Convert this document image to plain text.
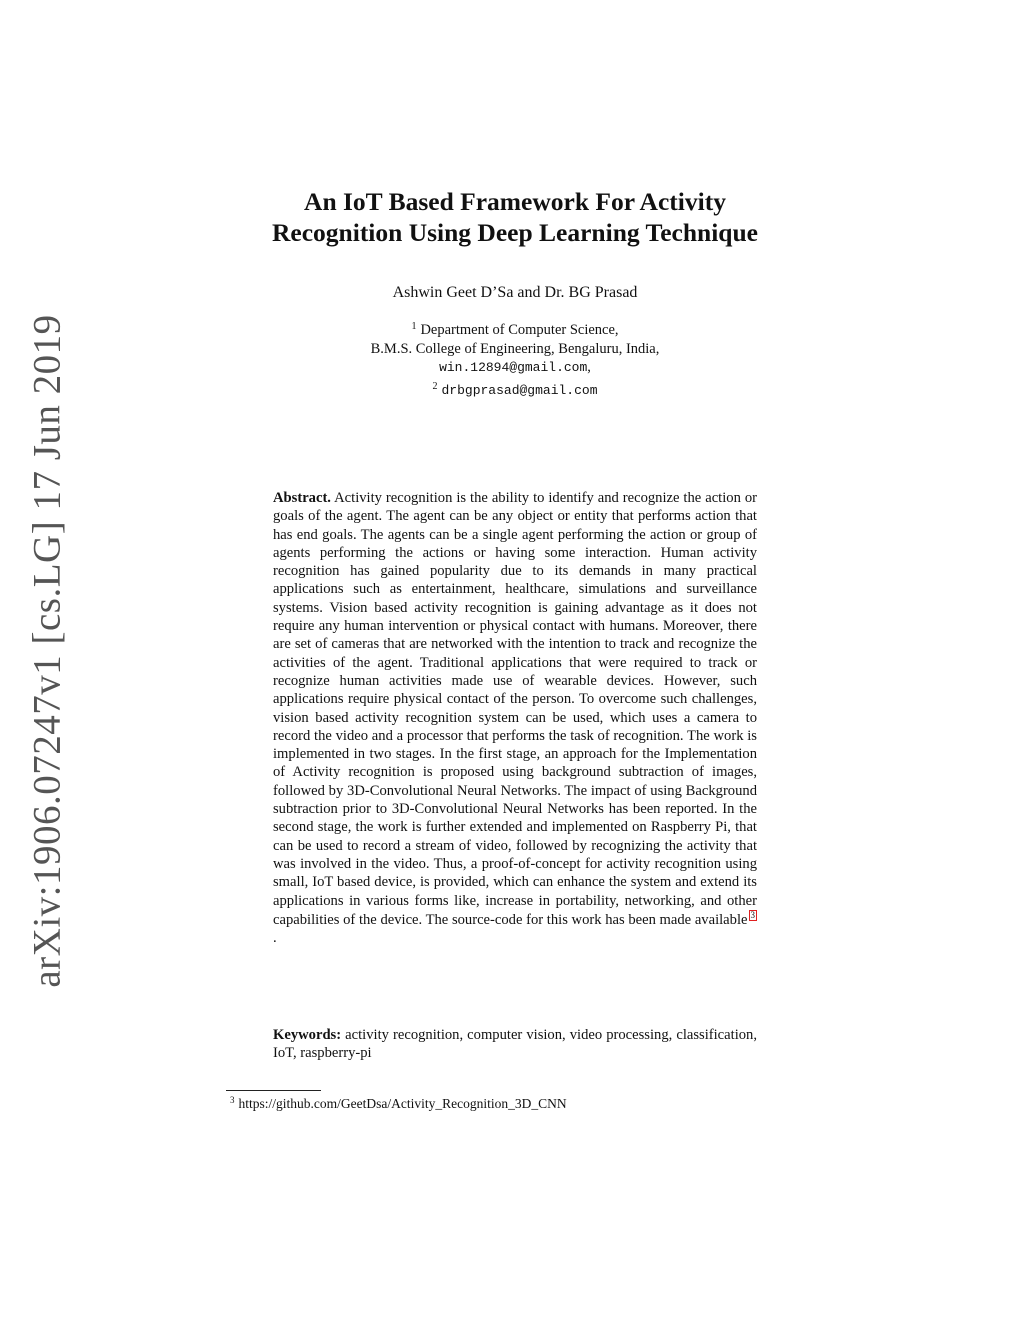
arXiv:1906.07247v1 [cs.LG] 17 Jun 2019
An IoT Based Framework For Activity
Recognition Using Deep Learning Technique
Ashwin Geet D’Sa and Dr. BG Prasad
$^1$ Department of Computer Science,
B.M.S. College of Engineering, Bengaluru, India,
win.12894@gmail.com,
$^2$ drbgprasad@gmail.com
Abstract. Activity recognition is the ability to identify and recognize the action or goals of the agent. The agent can be any object or entity that performs action that has end goals. The agents can be a single agent performing the action or group of agents performing the actions or having some interaction. Human activity recognition has gained popularity due to its demands in many practical applications such as entertainment, healthcare, simulations and surveillance systems. Vision based activity recognition is gaining advantage as it does not require any human intervention or physical contact with humans. Moreover, there are set of cameras that are networked with the intention to track and recognize the activities of the agent. Traditional applications that were required to track or recognize human activities made use of wearable devices. However, such applications require physical contact of the person. To overcome such challenges, vision based activity recognition system can be used, which uses a camera to record the video and a processor that performs the task of recognition. The work is implemented in two stages. In the first stage, an approach for the Implementation of Activity recognition is proposed using background subtraction of images, followed by 3D-Convolutional Neural Networks. The impact of using Background subtraction prior to 3D-Convolutional Neural Networks has been reported. In the second stage, the work is further extended and implemented on Raspberry Pi, that can be used to record a stream of video, followed by recognizing the activity that was involved in the video. Thus, a proof-of-concept for activity recognition using small, IoT based device, is provided, which can enhance the system and extend its applications in various forms like, increase in portability, networking, and other capabilities of the device. The source-code for this work has been made available 3.
Keywords: activity recognition, computer vision, video processing, classification, IoT, raspberry-pi
$^3$ https://github.com/GeetDsa/Activity_Recognition_3D_CNN
